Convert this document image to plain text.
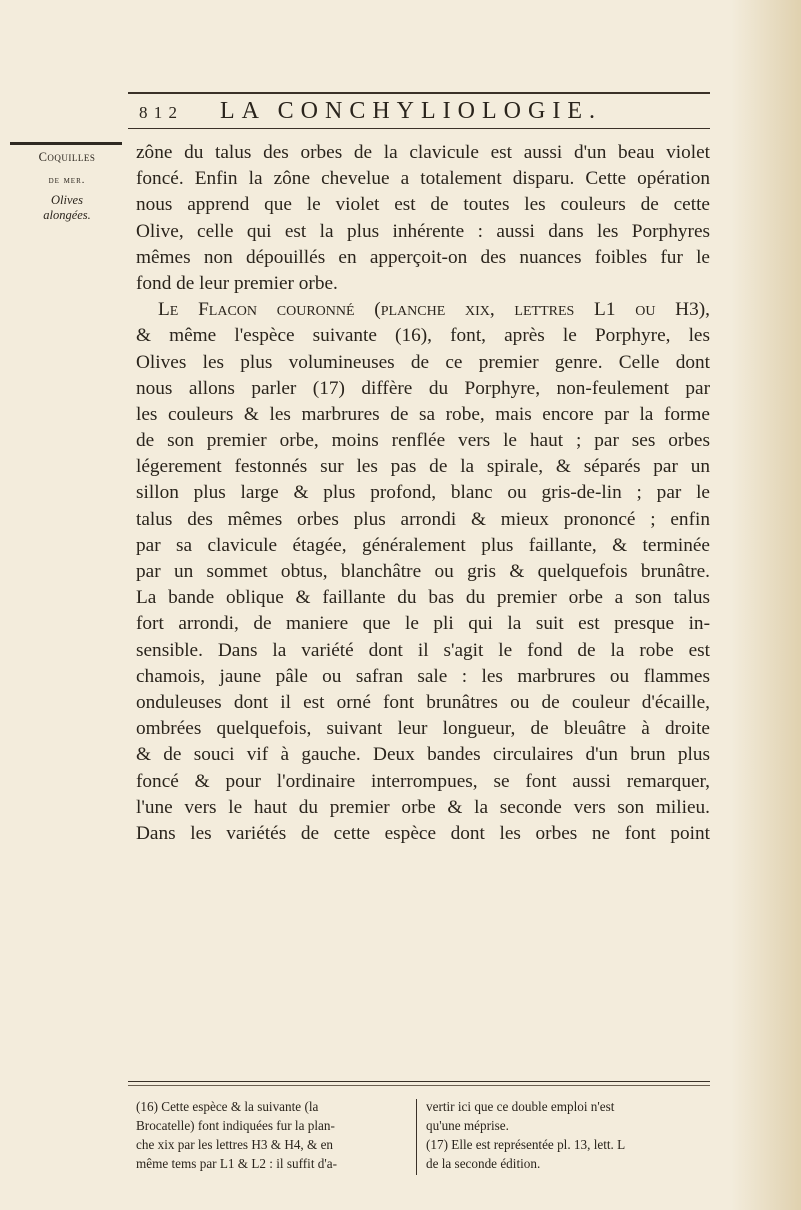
8 1 2 LA CONCHYLIOLOGIE.
Coquilles
de mer.
Olives
alongées.
zône du talus des orbes de la clavicule est aussi d'un beau violet
foncé. Enfin la zône chevelue a totalement disparu. Cette opération
nous apprend que le violet est de toutes les couleurs de cette
Olive, celle qui est la plus inhérente : aussi dans les Porphyres
mêmes non dépouillés en apperçoit-on des nuances foibles fur le
fond de leur premier orbe.
Le Flacon couronné (planche xix, lettres L1 ou H3),
& même l'espèce suivante (16), font, après le Porphyre, les
Olives les plus volumineuses de ce premier genre. Celle dont
nous allons parler (17) diffère du Porphyre, non-feulement par
les couleurs & les marbrures de sa robe, mais encore par la forme
de son premier orbe, moins renflée vers le haut ; par ses orbes
légerement festonnés sur les pas de la spirale, & séparés par un
sillon plus large & plus profond, blanc ou gris-de-lin ; par le
talus des mêmes orbes plus arrondi & mieux prononcé ; enfin
par sa clavicule étagée, généralement plus faillante, & terminée
par un sommet obtus, blanchâtre ou gris & quelquefois brunâtre.
La bande oblique & faillante du bas du premier orbe a son talus
fort arrondi, de maniere que le pli qui la suit est presque in-
sensible. Dans la variété dont il s'agit le fond de la robe est
chamois, jaune pâle ou safran sale : les marbrures ou flammes
onduleuses dont il est orné font brunâtres ou de couleur d'écaille,
ombrées quelquefois, suivant leur longueur, de bleuâtre à droite
& de souci vif à gauche. Deux bandes circulaires d'un brun plus
foncé & pour l'ordinaire interrompues, se font aussi remarquer,
l'une vers le haut du premier orbe & la seconde vers son milieu.
Dans les variétés de cette espèce dont les orbes ne font point
(16) Cette espèce & la suivante (la
Brocatelle) font indiquées fur la plan-
che xix par les lettres H3 & H4, & en
même tems par L1 & L2 : il suffit d'a-
vertir ici que ce double emploi n'est
qu'une méprise.
(17) Elle est représentée pl. 13, lett. L
de la seconde édition.
